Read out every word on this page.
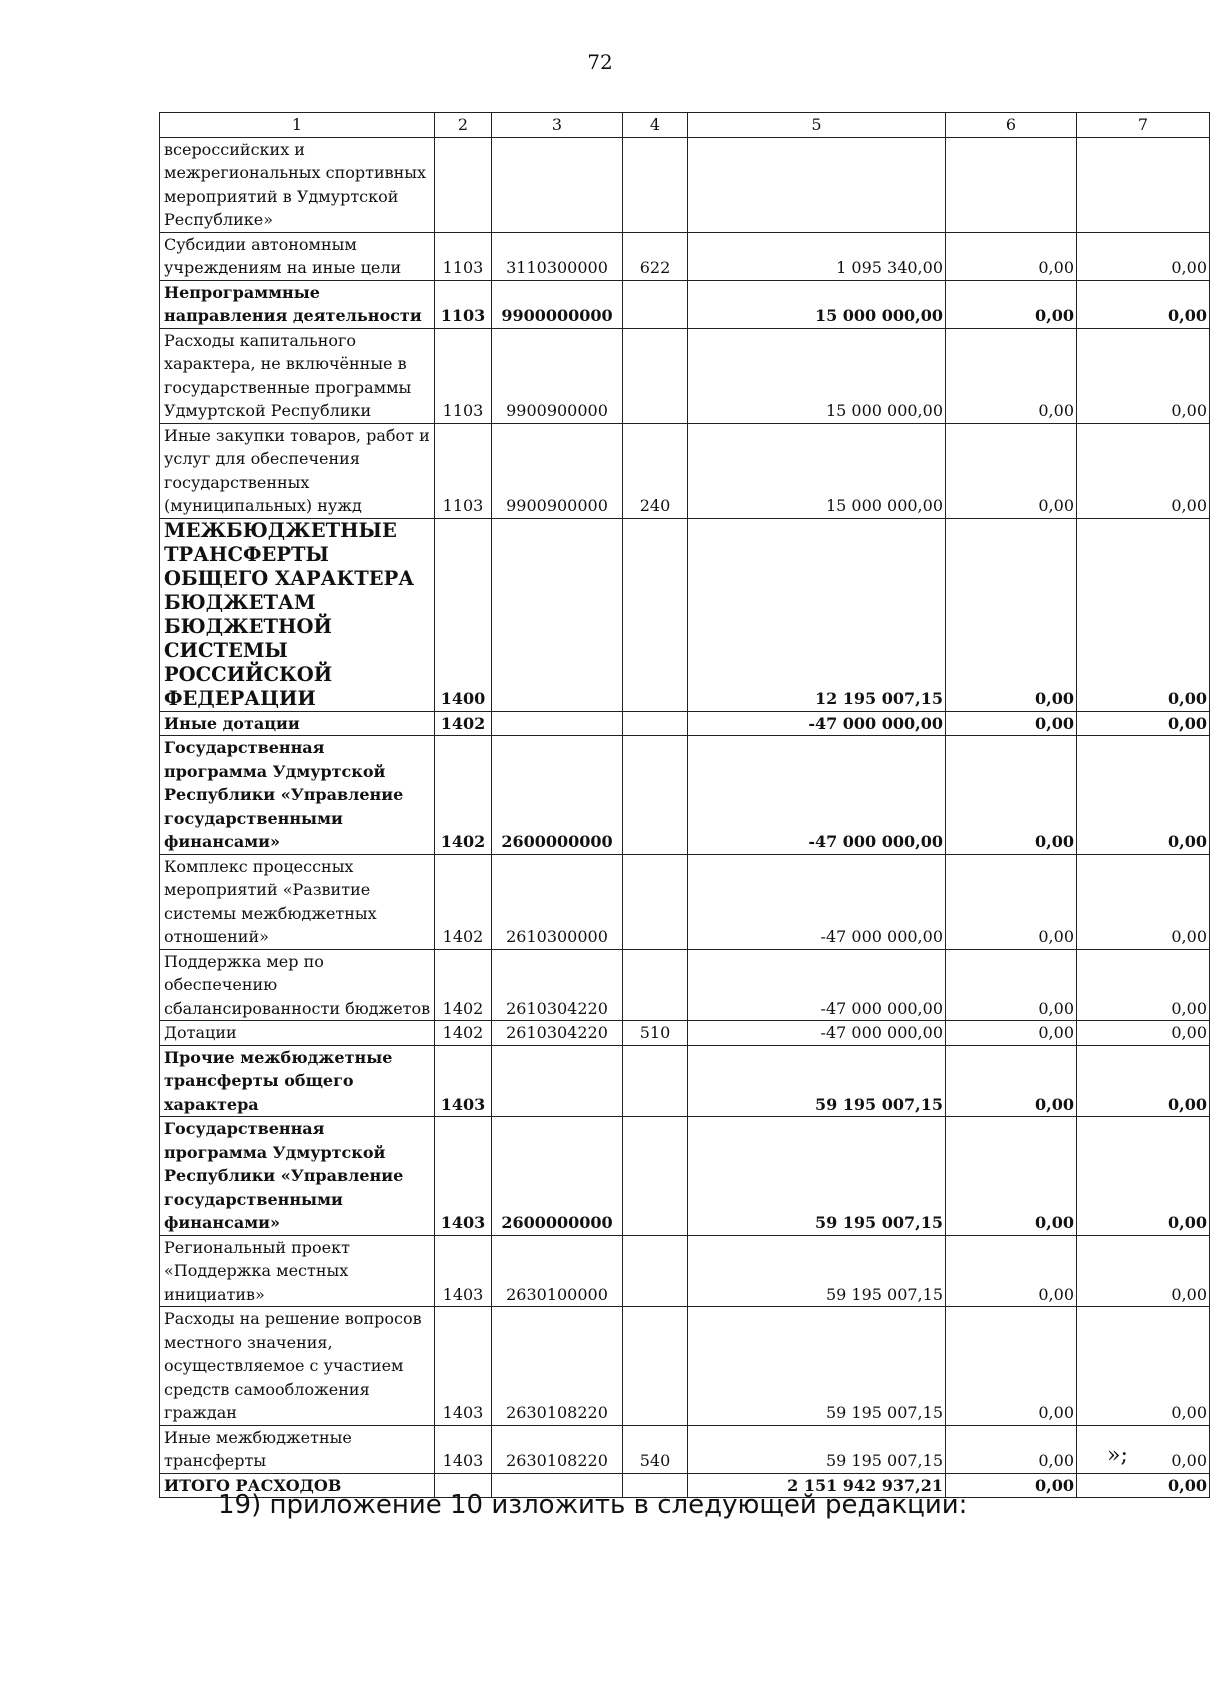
72
1	2	3	4	5	6	7
всероссийских и межрегиональных спортивных мероприятий в Удмуртской Республике»						
Субсидии автономным учреждениям на иные цели	1103	3110300000	622	1 095 340,00	0,00	0,00
Непрограммные направления деятельности	1103	9900000000		15 000 000,00	0,00	0,00
Расходы капитального характера, не включённые в государственные программы Удмуртской Республики	1103	9900900000		15 000 000,00	0,00	0,00
Иные закупки товаров, работ и услуг для обеспечения государственных (муниципальных) нужд	1103	9900900000	240	15 000 000,00	0,00	0,00
МЕЖБЮДЖЕТНЫЕ ТРАНСФЕРТЫ ОБЩЕГО ХАРАКТЕРА БЮДЖЕТАМ БЮДЖЕТНОЙ СИСТЕМЫ РОССИЙСКОЙ ФЕДЕРАЦИИ	1400			12 195 007,15	0,00	0,00
Иные дотации	1402			-47 000 000,00	0,00	0,00
Государственная программа Удмуртской Республики «Управление государственными финансами»	1402	2600000000		-47 000 000,00	0,00	0,00
Комплекс процессных мероприятий «Развитие системы межбюджетных отношений»	1402	2610300000		-47 000 000,00	0,00	0,00
Поддержка мер по обеспечению сбалансированности бюджетов	1402	2610304220		-47 000 000,00	0,00	0,00
Дотации	1402	2610304220	510	-47 000 000,00	0,00	0,00
Прочие межбюджетные трансферты общего характера	1403			59 195 007,15	0,00	0,00
Государственная программа Удмуртской Республики «Управление государственными финансами»	1403	2600000000		59 195 007,15	0,00	0,00
Региональный проект «Поддержка местных инициатив»	1403	2630100000		59 195 007,15	0,00	0,00
Расходы на решение вопросов местного значения, осуществляемое с участием средств самообложения граждан	1403	2630108220		59 195 007,15	0,00	0,00
Иные межбюджетные трансферты	1403	2630108220	540	59 195 007,15	0,00	0,00
ИТОГО РАСХОДОВ				2 151 942 937,21	0,00	0,00
»;
19) приложение 10 изложить в следующей редакции:
